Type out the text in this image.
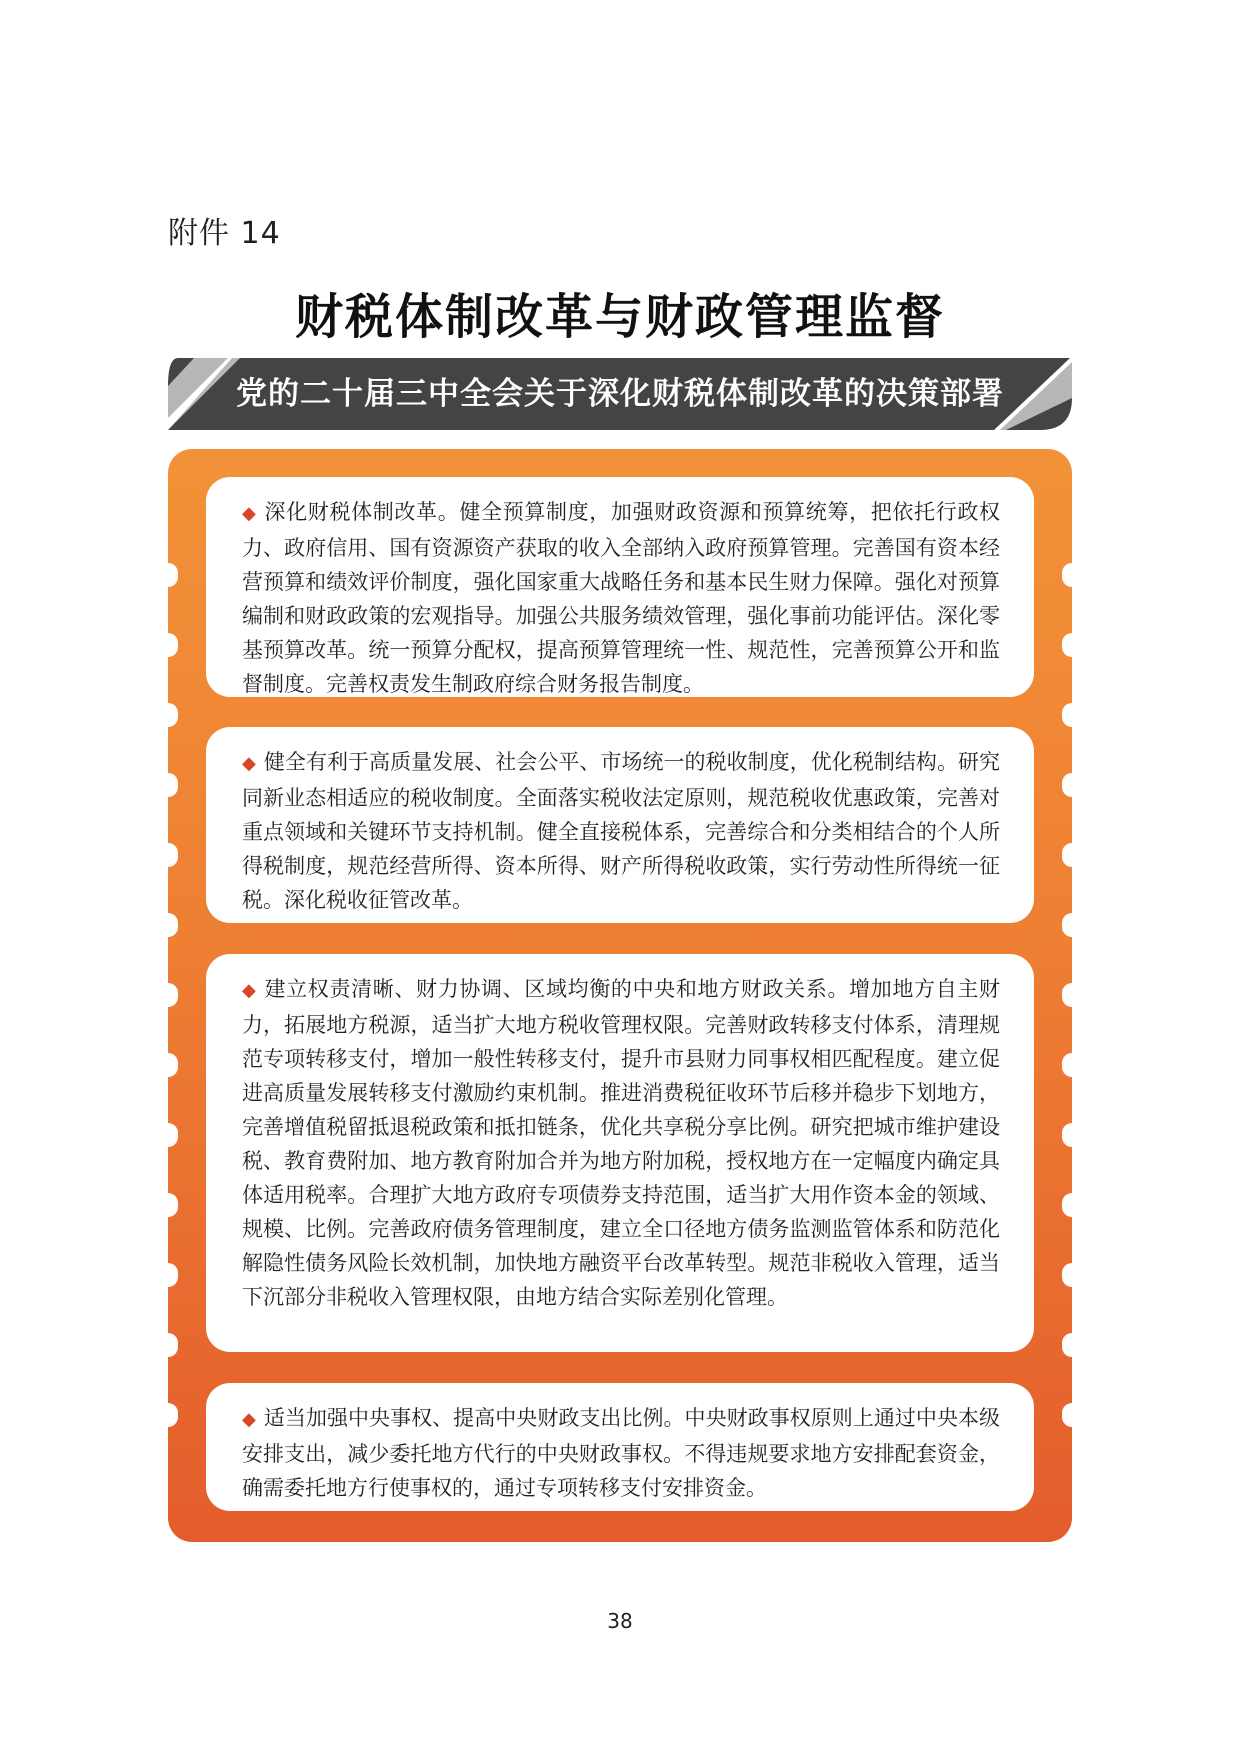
附件 14
财税体制改革与财政管理监督
党的二十届三中全会关于深化财税体制改革的决策部署

◆ 深化财税体制改革。健全预算制度，加强财政资源和预算统筹，把依托行政权力、政府信用、国有资源资产获取的收入全部纳入政府预算管理。完善国有资本经营预算和绩效评价制度，强化国家重大战略任务和基本民生财力保障。强化对预算编制和财政政策的宏观指导。加强公共服务绩效管理，强化事前功能评估。深化零基预算改革。统一预算分配权，提高预算管理统一性、规范性，完善预算公开和监督制度。完善权责发生制政府综合财务报告制度。

◆ 健全有利于高质量发展、社会公平、市场统一的税收制度，优化税制结构。研究同新业态相适应的税收制度。全面落实税收法定原则，规范税收优惠政策，完善对重点领域和关键环节支持机制。健全直接税体系，完善综合和分类相结合的个人所得税制度，规范经营所得、资本所得、财产所得税收政策，实行劳动性所得统一征税。深化税收征管改革。

◆ 建立权责清晰、财力协调、区域均衡的中央和地方财政关系。增加地方自主财力，拓展地方税源，适当扩大地方税收管理权限。完善财政转移支付体系，清理规范专项转移支付，增加一般性转移支付，提升市县财力同事权相匹配程度。建立促进高质量发展转移支付激励约束机制。推进消费税征收环节后移并稳步下划地方，完善增值税留抵退税政策和抵扣链条，优化共享税分享比例。研究把城市维护建设税、教育费附加、地方教育附加合并为地方附加税，授权地方在一定幅度内确定具体适用税率。合理扩大地方政府专项债券支持范围，适当扩大用作资本金的领域、规模、比例。完善政府债务管理制度，建立全口径地方债务监测监管体系和防范化解隐性债务风险长效机制，加快地方融资平台改革转型。规范非税收入管理，适当下沉部分非税收入管理权限，由地方结合实际差别化管理。

◆ 适当加强中央事权、提高中央财政支出比例。中央财政事权原则上通过中央本级安排支出，减少委托地方代行的中央财政事权。不得违规要求地方安排配套资金，确需委托地方行使事权的，通过专项转移支付安排资金。

38
